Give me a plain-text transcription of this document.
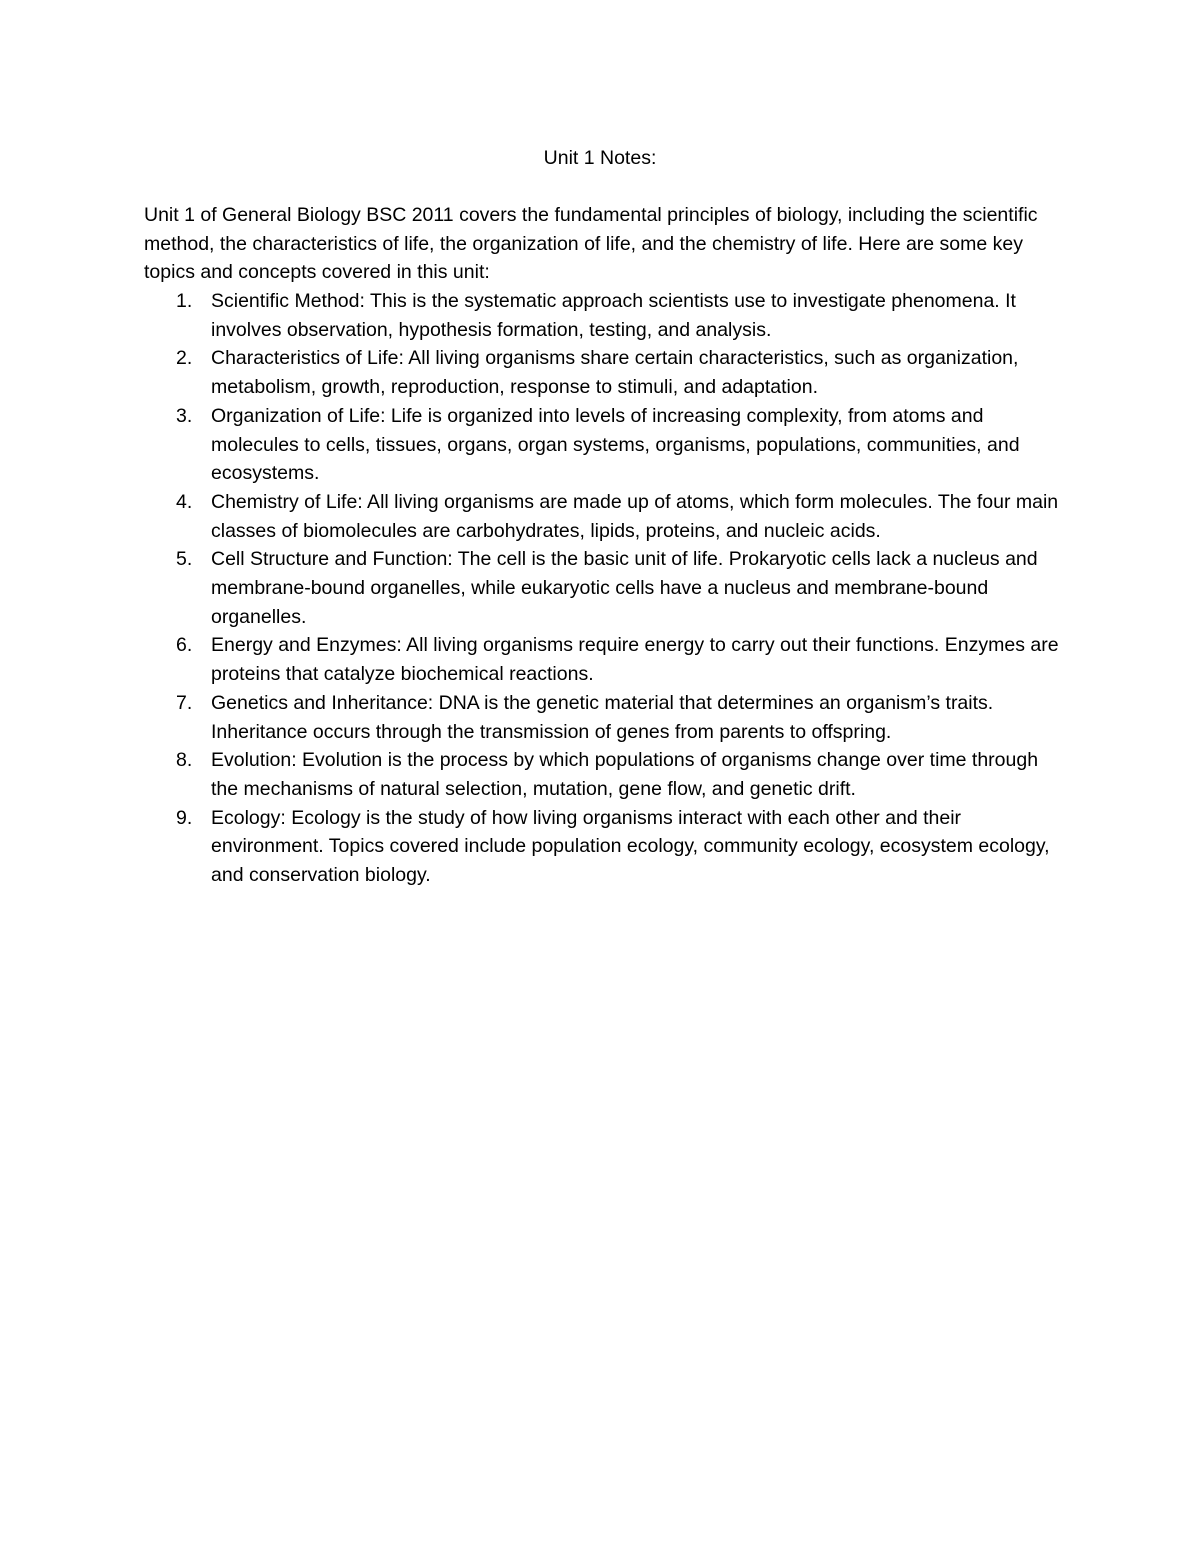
Unit 1 Notes:

Unit 1 of General Biology BSC 2011 covers the fundamental principles of biology, including the scientific method, the characteristics of life, the organization of life, and the chemistry of life. Here are some key topics and concepts covered in this unit:

1. Scientific Method: This is the systematic approach scientists use to investigate phenomena. It involves observation, hypothesis formation, testing, and analysis.
2. Characteristics of Life: All living organisms share certain characteristics, such as organization, metabolism, growth, reproduction, response to stimuli, and adaptation.
3. Organization of Life: Life is organized into levels of increasing complexity, from atoms and molecules to cells, tissues, organs, organ systems, organisms, populations, communities, and ecosystems.
4. Chemistry of Life: All living organisms are made up of atoms, which form molecules. The four main classes of biomolecules are carbohydrates, lipids, proteins, and nucleic acids.
5. Cell Structure and Function: The cell is the basic unit of life. Prokaryotic cells lack a nucleus and membrane-bound organelles, while eukaryotic cells have a nucleus and membrane-bound organelles.
6. Energy and Enzymes: All living organisms require energy to carry out their functions. Enzymes are proteins that catalyze biochemical reactions.
7. Genetics and Inheritance: DNA is the genetic material that determines an organism’s traits. Inheritance occurs through the transmission of genes from parents to offspring.
8. Evolution: Evolution is the process by which populations of organisms change over time through the mechanisms of natural selection, mutation, gene flow, and genetic drift.
9. Ecology: Ecology is the study of how living organisms interact with each other and their environment. Topics covered include population ecology, community ecology, ecosystem ecology, and conservation biology.
